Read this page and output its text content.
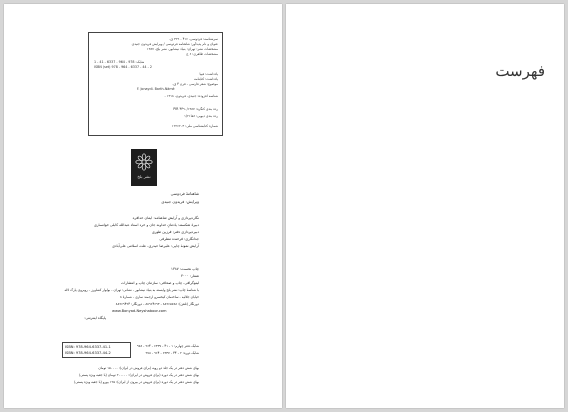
سرشناسه: فردوسی، ۴۱۶ - ۳۲۹ ق.
عنوان و نام پدیدآور: شاهنامه فردوسی / ویرایش فریدون جنیدی
مشخصات نشر: تهران: بنیاد نیشابور، نشر بلخ، ۱۳۸۷
مشخصات ظاهری: ۶ ج
شابک: 978 - 964 - 6337 - 41 - 1
ISBN (set) 978 - 964 - 6337 - 44 - 2
یادداشت: فیپا
یادداشت: کتابنامه
موضوع: شعر فارسی - قرن ۴ ق.
F. Jonaydi. Barth-Nâmè
شناسه افزوده: جنیدی، فریدون، ۱۳۱۸ -
رده بندی کنگره: PIR ۴۴۹۰/۱۳۸۷
رده بندی دیویی: ۸فا۱/۲۱
شماره کتابشناسی ملی: ۱۲۲۶۲۰۳
نشر بلخ
شاهنامهٔ فردوسی
ویرایش: فریدون جنیدی
نگاره‌پردازی و آرایش شاهنامه: ایمان خدافره
دبیرهٔ شکسته: یادمانِ خداوند جان و خرد استاد عبدالله کابلی خوانساری
دبیره‌پردازی دفتر: فرزین طوری
جدانگاری: فرخنده مطرفی
آرایش نمونهٔ چاپی: علیرضا حیدری، علت اسلامی علی‌آبادی
چاپ نخست: ۱۳۸۷
شمار: ۳۰۰۰
لیتوگرافی، چاپ و صحافی: سازمان چاپ و انتشارات
با شناسهٔ چاپ: نشر بلخ وابسته به بنیاد نیشابور - نشانی: تهران - بولوار کشاورز - روبروی پارک لاله
خیابان جلالیه - ساختمان کیخسرو ارجمند ساری - شمارهٔ ۸
دورنگار (تلفن): ۸۸۹۶۵۷۸۸ - ۸۸۹۶۴۶۹۳ - دورنگار: ۸۸۹۶۹۴۹۴
www.Bonyad-Neyshaboor.com
پایگاه اینترنتی:
ISBN: 978-964-6337-41-1
ISBN: 978-964-6337-44-2
شابک دفتر چهارم: ۱ - ۴۱ - ۶۳۳۷ - ۹۶۴ - ۹۷۸
شابک دوره: ۲ - ۴۴ - ۶۳۳۷ - ۹۶۴ - ۹۷۸
بهای شش دفتر در یک جلد دو رویه (برای فروش در ایران): ۱۵۰۰۰۰ تومان
بهای شش دفتر در یک دوره (برای فروش در ایران): ۲۰۰۰۰۰ تومان (با جعبه ویژه پستی)
بهای شش دفتر در یک دوره (برای فروش در بیرون از ایران): ۱۲۵ یورو (با جعبه ویژه پستی)
فهرست
